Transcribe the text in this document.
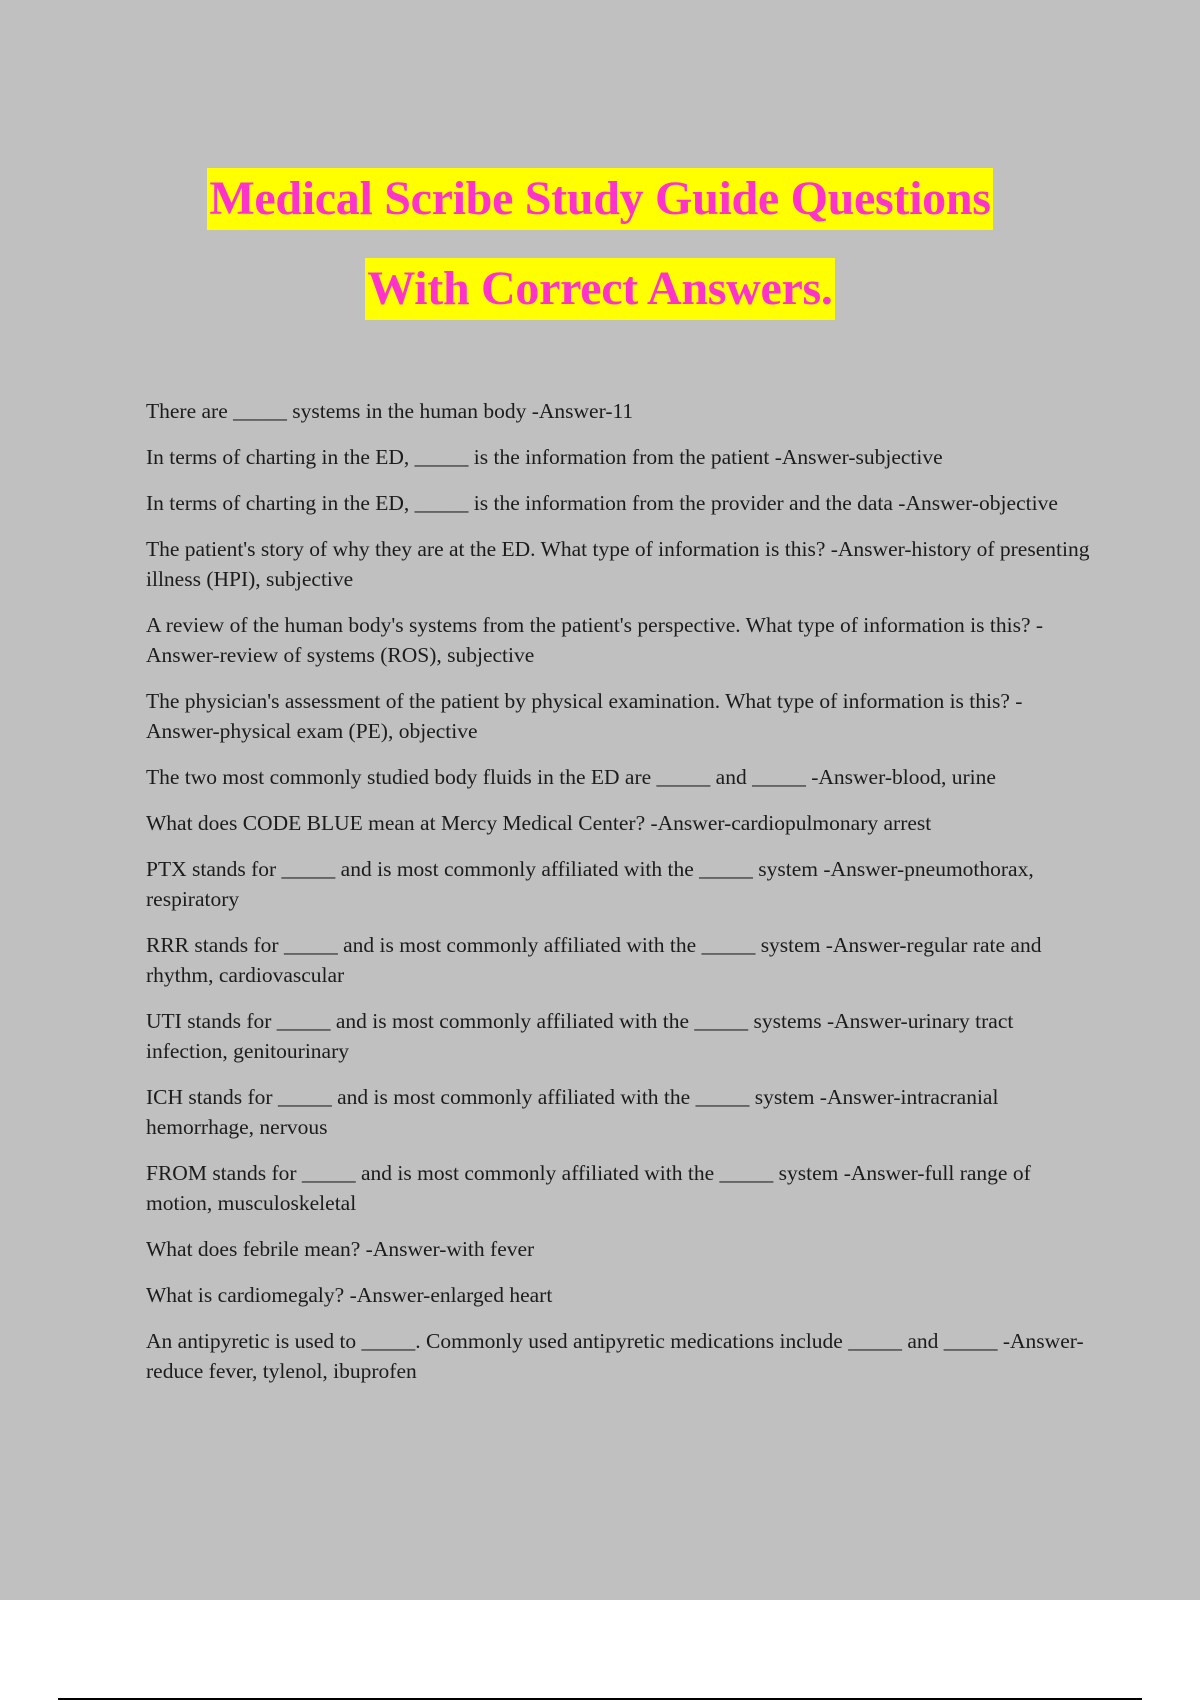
Medical Scribe Study Guide Questions
With Correct Answers.
There are _____ systems in the human body -Answer-11
In terms of charting in the ED, _____ is the information from the patient -Answer-subjective
In terms of charting in the ED, _____ is the information from the provider and the data -Answer-objective
The patient's story of why they are at the ED. What type of information is this? -Answer-history of presenting illness (HPI), subjective
A review of the human body's systems from the patient's perspective. What type of information is this? -Answer-review of systems (ROS), subjective
The physician's assessment of the patient by physical examination. What type of information is this? -Answer-physical exam (PE), objective
The two most commonly studied body fluids in the ED are _____ and _____ -Answer-blood, urine
What does CODE BLUE mean at Mercy Medical Center? -Answer-cardiopulmonary arrest
PTX stands for _____ and is most commonly affiliated with the _____ system -Answer-pneumothorax, respiratory
RRR stands for _____ and is most commonly affiliated with the _____ system -Answer-regular rate and rhythm, cardiovascular
UTI stands for _____ and is most commonly affiliated with the _____ systems -Answer-urinary tract infection, genitourinary
ICH stands for _____ and is most commonly affiliated with the _____ system -Answer-intracranial hemorrhage, nervous
FROM stands for _____ and is most commonly affiliated with the _____ system -Answer-full range of motion, musculoskeletal
What does febrile mean? -Answer-with fever
What is cardiomegaly? -Answer-enlarged heart
An antipyretic is used to _____. Commonly used antipyretic medications include _____ and _____ -Answer-reduce fever, tylenol, ibuprofen
